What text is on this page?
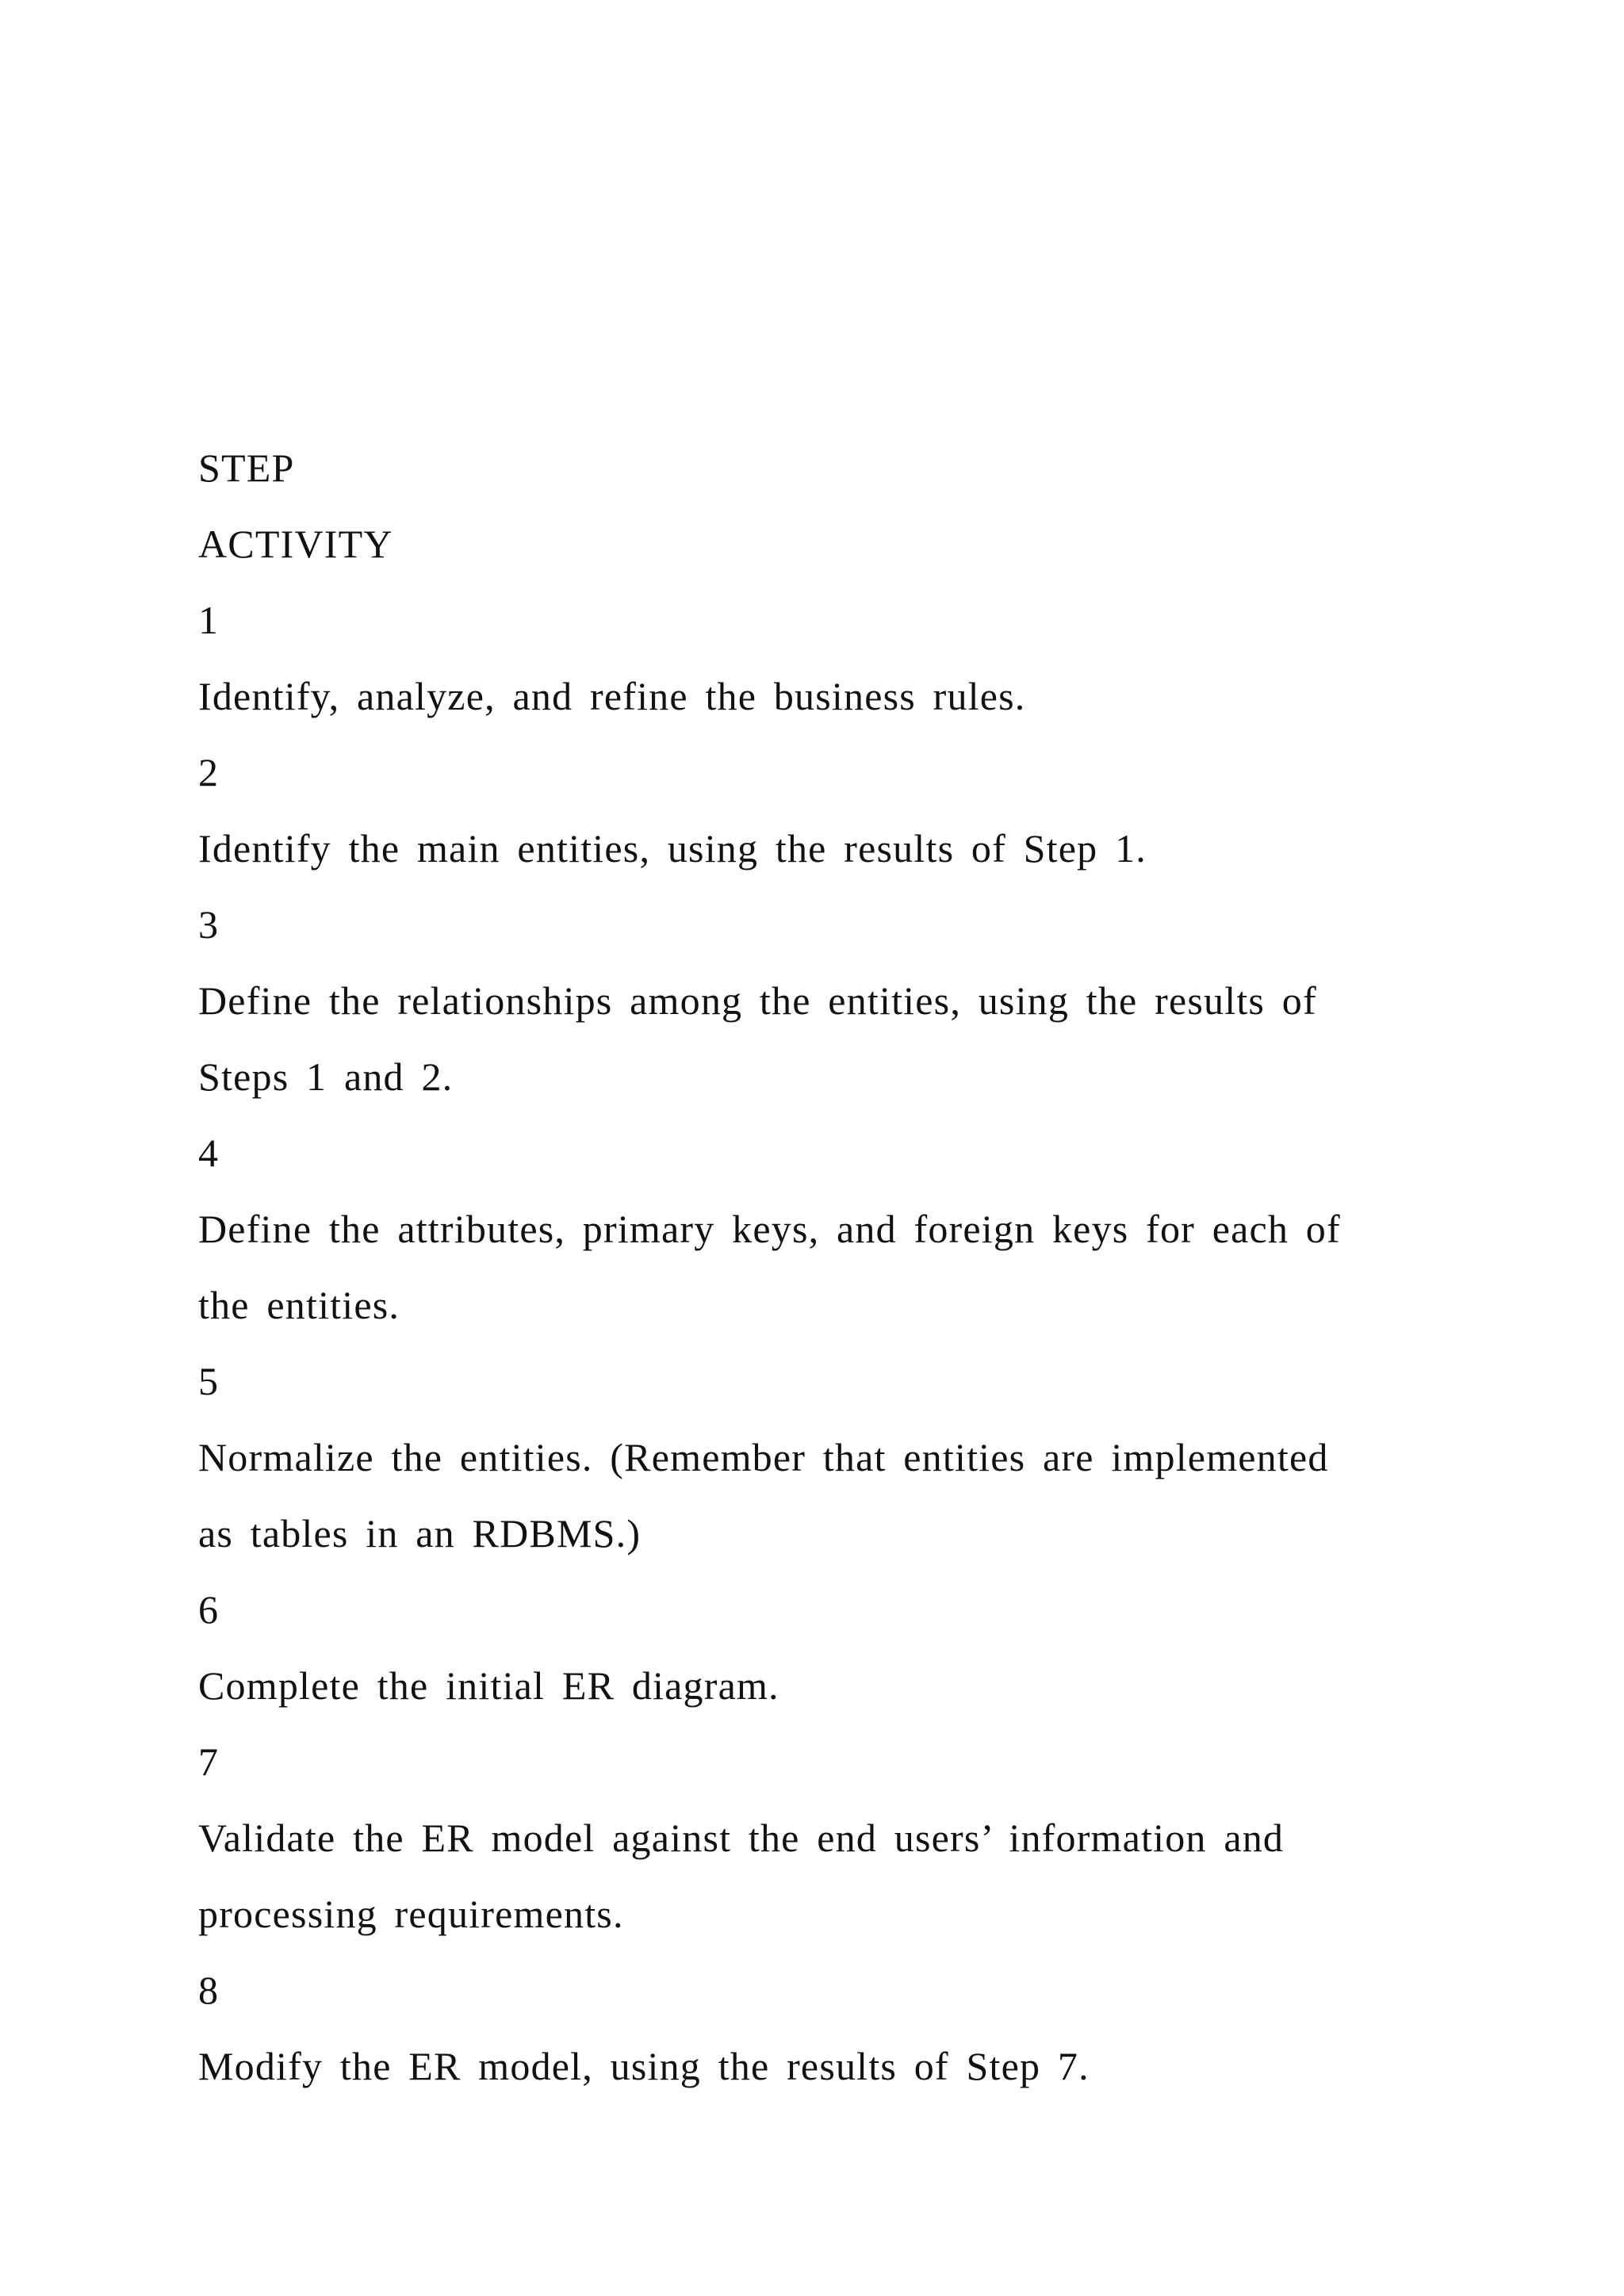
STEP
ACTIVITY
1
Identify, analyze, and refine the business rules.
2
Identify the main entities, using the results of Step 1.
3
Define the relationships among the entities, using the results of
Steps 1 and 2.
4
Define the attributes, primary keys, and foreign keys for each of
the entities.
5
Normalize the entities. (Remember that entities are implemented
as tables in an RDBMS.)
6
Complete the initial ER diagram.
7
Validate the ER model against the end users’ information and
processing requirements.
8
Modify the ER model, using the results of Step 7.
